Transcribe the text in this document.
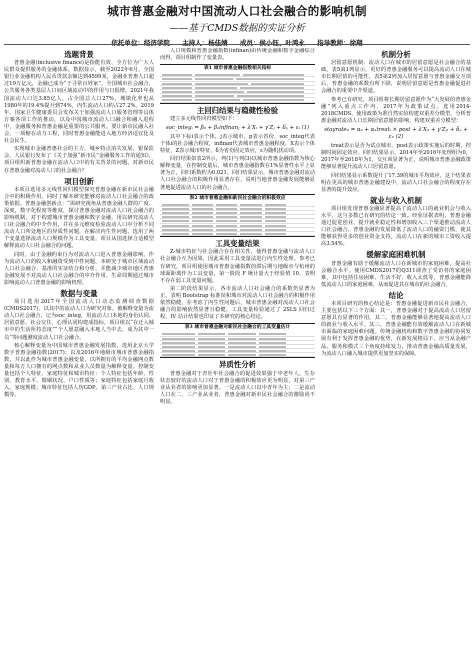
城市普惠金融对中国流动人口社会融合的影响机制
——基于CMDS数据的实证分析
依托单位：经济学院 主持人：杨佳婧 成员：侯小钰、叶鸿永 指导教师：徐翔
选题背景

普惠金融(inclusive finance)是指能有效、全方位为广大人民群众提供服务的金融体系。数据显示，截至2022年6月，全国银行业金融机构人民币贷款余额达到4599某，金融业普惠人口超过19万亿元，金融已成为“于寻常百姓家”。全国城市社会融合，公共服务各类基层人口间区域流动中的作用与日俱增。2021年我国流动人口达3.85亿人，占全国总人口27%，城镇化率也从1980年的19.4%提升到74%，内生流动人口约占27.2%。2019年，国家卫生健康委员会发布关于加强流动人口服务管理等具体方案各项工作的推动，以及中国城市流动人口融合和融入进程中，金融服务和普惠金融是重要的公共服务。要让新市民融入社会，一项缩在动力工程，同时普惠金融能进入地方经济适宜化及社会民生。

实现城市金融普惠社会的主力，城乡特点消失发展，银保监会、人民银行发布了《关于加强“新市民”金融服务工作的通知》，项目组织新普惠金融在流动人口中的有关背景的问题，对新市民在普惠金融对流动人口的社会融合？

项目创新

本项目选用多元线性回归模型探究普惠金融在新市民社会融合中的积极作用，同时了解本研究能够对流动人口社会融合的政策依据。普惠金融创新点：“需研究视角从普惠金融人群的广度、深度，数字化程度等维度，探讨普惠金融对流动人口社会融合的影响机制，对于构建城市普惠金融和数字金融，用以研究流动人口社会融合的中介作用，并在多元维度检验流动人口中分析不同流动人口所处地区的异质性问题，在解决内生性问题，选用了两个变量选择流动人口规模作为工具变量，项目从国选择合适模型解释流动人口社会融合的问题。

同时，由于金融约束行为对流动人口进入普惠金融影响，作为流动人口的收入和融资受到中性问题，本研究于城市区域流动人口社会融合、基准的实证结合和分析，并能减少城市地区普惠金融发展不对流动人口社会融合的中介作用、生命周期通过城市影响流动人口普惠金融的影响机理。

数据与变量

项目选用2017年全国流动人口动态监测调查数据(CMDS2017)，以其中的流动人口为研究对象。被解释变量为流动人口社会融合，记为soc_integ，用流动人口本地的身份认同、居留意愿、社会交往、心理认同构建成指标，项目组以“在迁入城市中的生活所持态度”“个人愿意融入本地人当中去，成为其中一员”等问题测度流动人口社会融合。

核心解释变量为中国城市普惠金融发展指数，选用北京大学数字普惠金融指数(2017)；以及2016年地级市城市普惠金融指数，并以此作为城市普惠金融变量，以所拥有的平均金融网点数量和每万人口拥有的网点数和从业人员数量为解释变量。控制变量包括个人特征、家庭特征和城市特征：个人特征包括年龄、性别、教育水平、婚姻状况、户口性质等；家庭特征包括家庭月收入、家庭规模；城市特征包括人均GDP、第三产业占比、人口规模等。

人口规模和普惠金融指数(infinan)由传统金融和数字金融综合而得，项目组制作了变量表。

表1 城市普惠金融指数相关指标
主回归结果与稳健性检验

建立多元线性回归模型如下：

soc_integᵢ = β₀ + β₁infinanⱼ + λ′Xᵢ + γ′Zⱼ + δₚ + εᵢ (1)

其中下标i表示个体，j表示城市，p表示省份，soc_integ代表个体i的社会融合程度，infinan代表城市普惠金融程度，X表示个体特征，Z表示城市特征，δ为省份固定效应，ε为随机扰动项。

回归结果如表2所示，列(1)与列(3)以城市普惠金融指数为核心解释变量，在控制变量后，城市普惠金融指数在1%显著性水平上显著为正，回归系数约为0.021。回归结果显示，城市普惠金融对流动人口社会融合的积极作用显著存在，说明当地普惠金融发展能够显著地促进流动人口的社会融合。

表2 城市普惠金融和新民社会融合的积极效应
工具变量结果

Z-城市特征与社会融合存在相关性，使得普惠金融与流动人口社会融合互为因果，因此采用工具变量法进行内生性处理。参考已有研究，项目组使用城市普惠金融指数的滞后期与地级市与杭州的球面距离作为工具变量，第一阶段 F 统计量大于经验值 10，表明不存在弱工具变量问题。

第二阶段结果显示，各市流动人口社会融合的系数仍显著为正，表明 Bootstrap 标准误和城市对流动人口社会融合的积极作用依然稳健，在考虑了内生性问题后，城市普惠金融对流动人口社会融合的影响依然显著且稳健，工具变量检验通过了 2SLS 回归过程，IV 估计结果也印证了本研究的核心结论。

表3 城市普惠金融对新民社会融合的工具变量估计
异质性分析

普惠金融对于青壮年社会融合的促进效果强于中老年人。生存状态较好的流动人口对于普惠金融的积极效应更为明显，对第三产业从业者的影响更加显著。一是流动人口以中青年为主；二是流动人口在二、三产业从业者，普惠金融对新市民社会融合的激励尚不明显。

机制分析

居留意愿机制：流动人口在城市的居留意愿是社会融合的基础。表5第1列显示，更好的普惠金融服务可以提高流动人口在城市长期居留的可能性。表5第2列加入居留意愿与普惠金融交互项后，普惠金融的系数有所下降，说明居留意愿是普惠金融促进社会融合的重要中介渠道。

参考已有研究，项目组将长期居留意愿作为“大发展的普惠金融”列入重点工作内，2017年为政策试点。选用2014-2018CMDS，使用政策为准自然实验构建双重差分模型，分析普惠金融对流动人口长期居留意愿的影响，构建双重差分模型：

stayrateᵢₜ = α₀ + α₁treatᵢ × post + λ′Xᵢₜ + γ′Zⱼₜ + δₚ + εᵢₜ (2)

treat表示是否为试点城市，post表示政策实施后的时期，控制时间固定效应。回归结果显示，2014年至2016年处理组为0，2017年至2018年为1，交互项显著为正，说明城市普惠金融政策能够显著提升流动人口居留意愿。

回归结果显示系数提升了17.39的城市平均效应，这个结果表明在更高的城市普惠金融建设中，流动人口社会融合的程度存在显著的提升效应。

就业与收入机制

项目组发现普惠金融显著提高了流动人口的就业机会与收入水平，这与多数已有研究的结论一致。经验证据表明，普惠金融通过促进创业、提升就业稳定性和增加收入三个渠道推动流动人口社会融合。普惠金融的发展降低了流动人口的融资门槛，使其能够获得更多的创业资金支持，流动人口在新的城市工资收入提高3.54%。

缓解家庭困难机制

普惠金融有助于缓解流动人口在新城市的家庭困难，提高社会融合水平。使用CMDS2017的Q311调查了受访者的家庭困难，其中包括住房困难、生活不好、收入太低等，普惠金融能降低流动人口的家庭困难，从而促进其在城市的社会融合。

结论

本项目研究的核心结论是：普惠金融促进新市民社会融合，主要包括以下三个方面：其一，普惠金融对于提高流动人口居留意愿具有显著的作用。其二，普惠金融能够显著地提高流动人口的就业与收入水平。其三，普惠金融能有效缓解流动人口在新城市面临的家庭困难问题。传统金融机构和数字普惠金融的协同发展有利于发挥普惠金融的优势，在新发展格局下，应当从金融产品、服务和模式三个角度持续发力，推动普惠金融高质量发展，为流动人口融入城市提供更加坚实的保障。
